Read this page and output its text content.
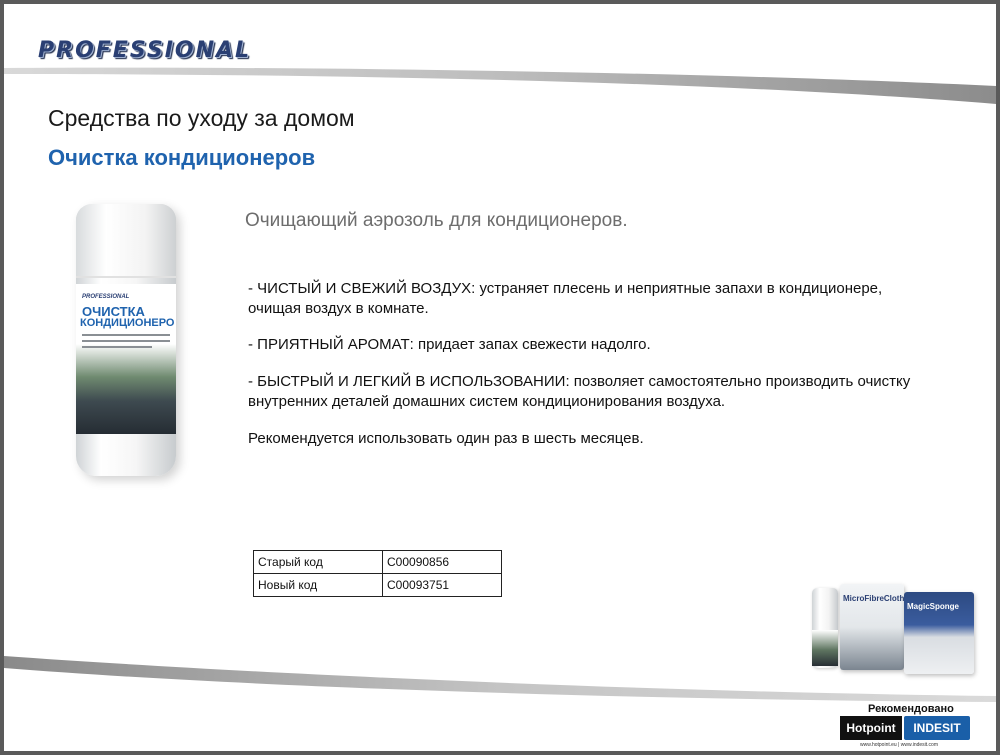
PROFESSIONAL
Средства по уходу за домом
Очистка кондиционеров
PROFESSIONAL
ОЧИСТКА
КОНДИЦИОНЕРО
Очищающий аэрозоль для кондиционеров.
- ЧИСТЫЙ И СВЕЖИЙ ВОЗДУХ: устраняет плесень и неприятные запахи в кондиционере, очищая воздух в комнате.
- ПРИЯТНЫЙ АРОМАТ: придает запах свежести надолго.
- БЫСТРЫЙ И ЛЕГКИЙ В ИСПОЛЬЗОВАНИИ: позволяет самостоятельно производить очистку внутренних деталей домашних систем кондиционирования воздуха.
Рекомендуется использовать один раз в шесть месяцев.
Старый код	C00090856
Новый код	C00093751
MicroFibreCloth
MagicSponge
Рекомендовано
Hotpoint	INDESIT
www.hotpoint.eu | www.indesit.com
